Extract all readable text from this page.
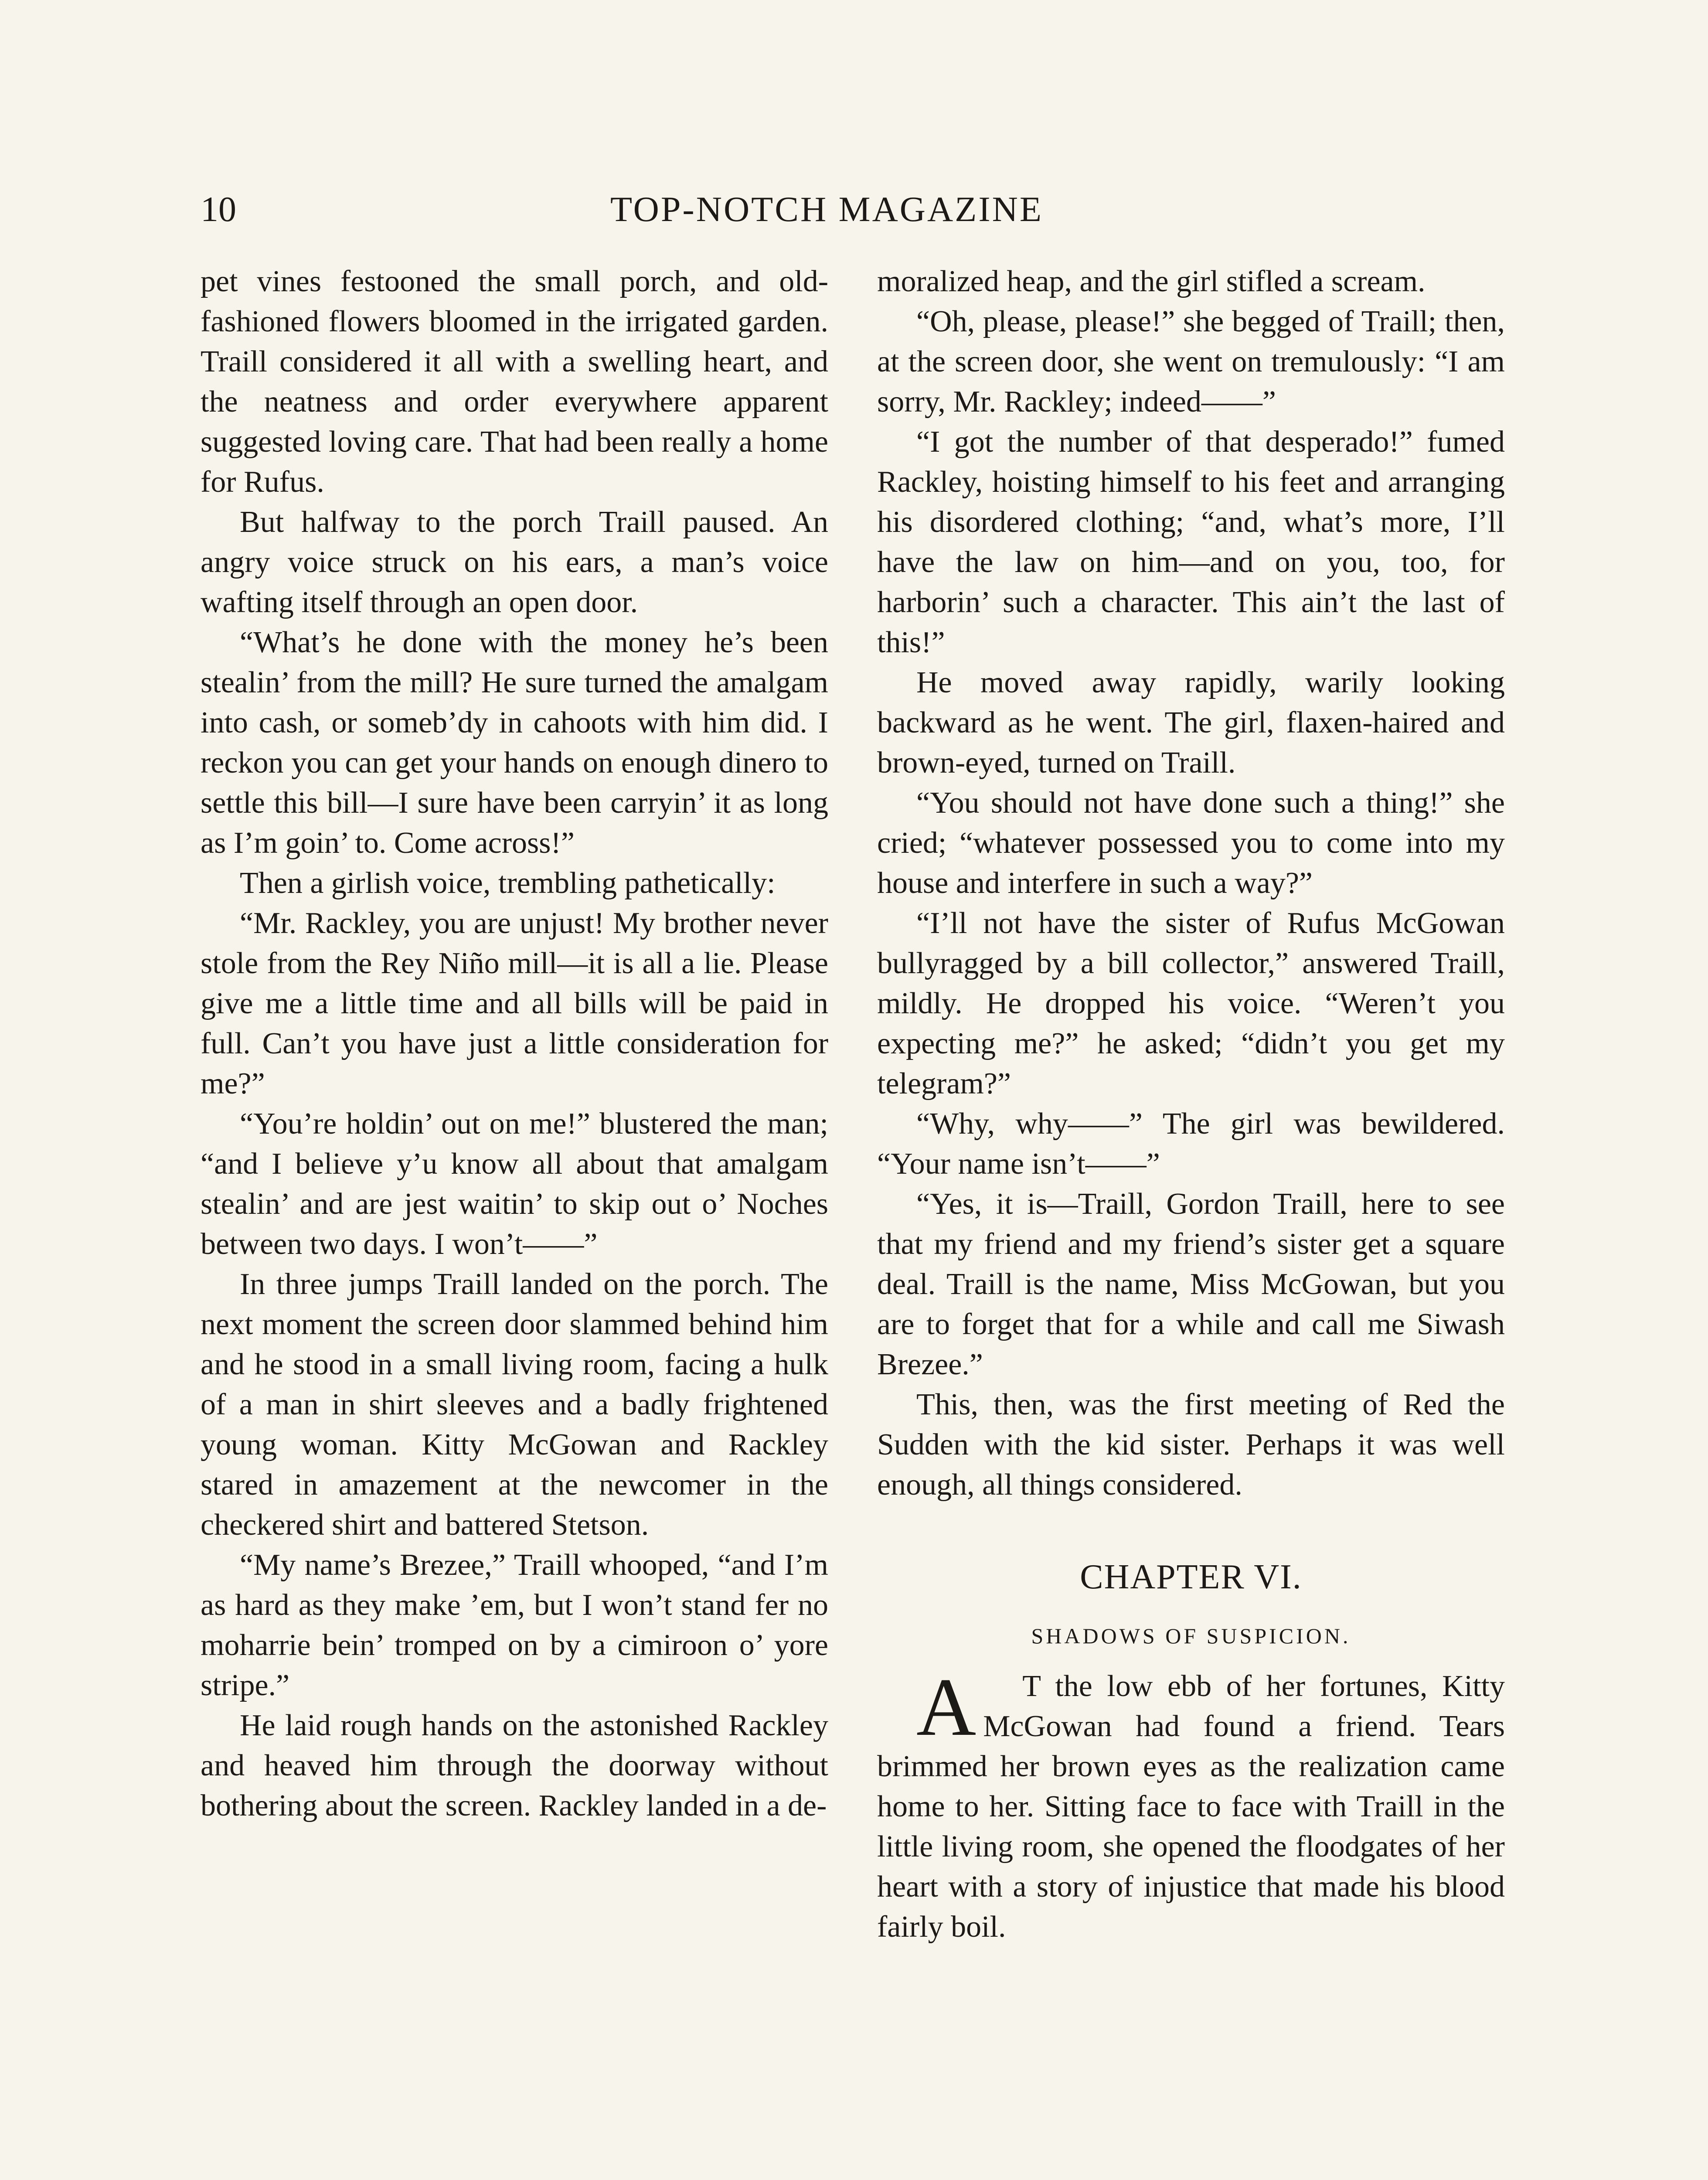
10	TOP-NOTCH MAGAZINE

pet vines festooned the small porch, and old-fashioned flowers bloomed in the irrigated garden. Traill considered it all with a swelling heart, and the neatness and order everywhere apparent suggested loving care. That had been really a home for Rufus.

But halfway to the porch Traill paused. An angry voice struck on his ears, a man’s voice wafting itself through an open door.

“What’s he done with the money he’s been stealin’ from the mill? He sure turned the amalgam into cash, or someb’dy in cahoots with him did. I reckon you can get your hands on enough dinero to settle this bill—I sure have been carryin’ it as long as I’m goin’ to. Come across!”

Then a girlish voice, trembling pathetically:

“Mr. Rackley, you are unjust! My brother never stole from the Rey Niño mill—it is all a lie. Please give me a little time and all bills will be paid in full. Can’t you have just a little consideration for me?”

“You’re holdin’ out on me!” blustered the man; “and I believe y’u know all about that amalgam stealin’ and are jest waitin’ to skip out o’ Noches between two days. I won’t——”

In three jumps Traill landed on the porch. The next moment the screen door slammed behind him and he stood in a small living room, facing a hulk of a man in shirt sleeves and a badly frightened young woman. Kitty McGowan and Rackley stared in amazement at the newcomer in the checkered shirt and battered Stetson.

“My name’s Brezee,” Traill whooped, “and I’m as hard as they make ’em, but I won’t stand fer no moharrie bein’ tromped on by a cimiroon o’ yore stripe.”

He laid rough hands on the astonished Rackley and heaved him through the doorway without bothering about the screen. Rackley landed in a de-

moralized heap, and the girl stifled a scream.

“Oh, please, please!” she begged of Traill; then, at the screen door, she went on tremulously: “I am sorry, Mr. Rackley; indeed——”

“I got the number of that desperado!” fumed Rackley, hoisting himself to his feet and arranging his disordered clothing; “and, what’s more, I’ll have the law on him—and on you, too, for harborin’ such a character. This ain’t the last of this!”

He moved away rapidly, warily looking backward as he went. The girl, flaxen-haired and brown-eyed, turned on Traill.

“You should not have done such a thing!” she cried; “whatever possessed you to come into my house and interfere in such a way?”

“I’ll not have the sister of Rufus McGowan bullyragged by a bill collector,” answered Traill, mildly. He dropped his voice. “Weren’t you expecting me?” he asked; “didn’t you get my telegram?”

“Why, why——” The girl was bewildered. “Your name isn’t——”

“Yes, it is—Traill, Gordon Traill, here to see that my friend and my friend’s sister get a square deal. Traill is the name, Miss McGowan, but you are to forget that for a while and call me Siwash Brezee.”

This, then, was the first meeting of Red the Sudden with the kid sister. Perhaps it was well enough, all things considered.

CHAPTER VI.
SHADOWS OF SUSPICION.

A T the low ebb of her fortunes, Kitty McGowan had found a friend. Tears brimmed her brown eyes as the realization came home to her. Sitting face to face with Traill in the little living room, she opened the floodgates of her heart with a story of injustice that made his blood fairly boil.
